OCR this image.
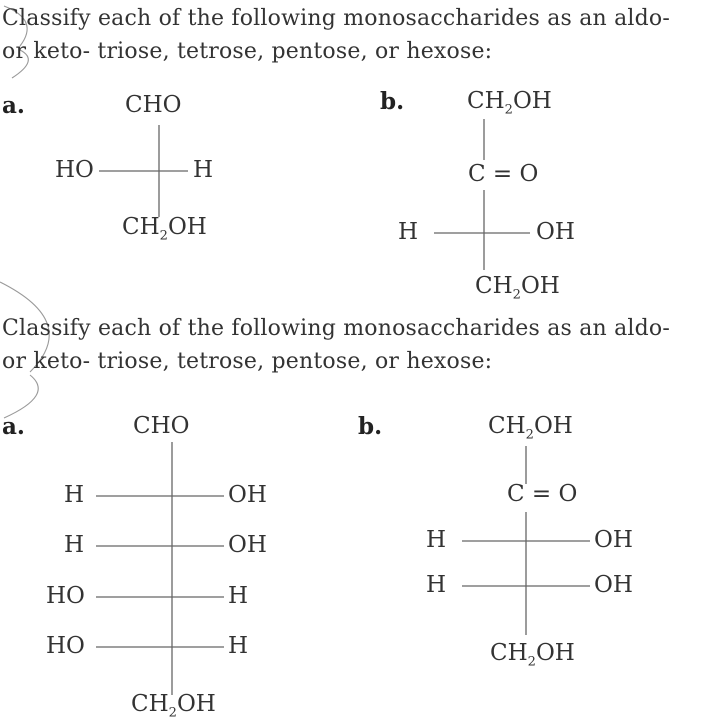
Classify each of the following monosaccharides as an aldo-
or keto- triose, tetrose, pentose, or hexose:
a.	CHO
HO	H
$CH_2OH$
b.	$CH_2OH$
C = O
H	OH
$CH_2OH$
Classify each of the following monosaccharides as an aldo-
or keto- triose, tetrose, pentose, or hexose:
a.	CHO
H	OH
H	OH
HO	H
HO	H
$CH_2OH$
b.	$CH_2OH$
C = O
H	OH
H	OH
$CH_2OH$
